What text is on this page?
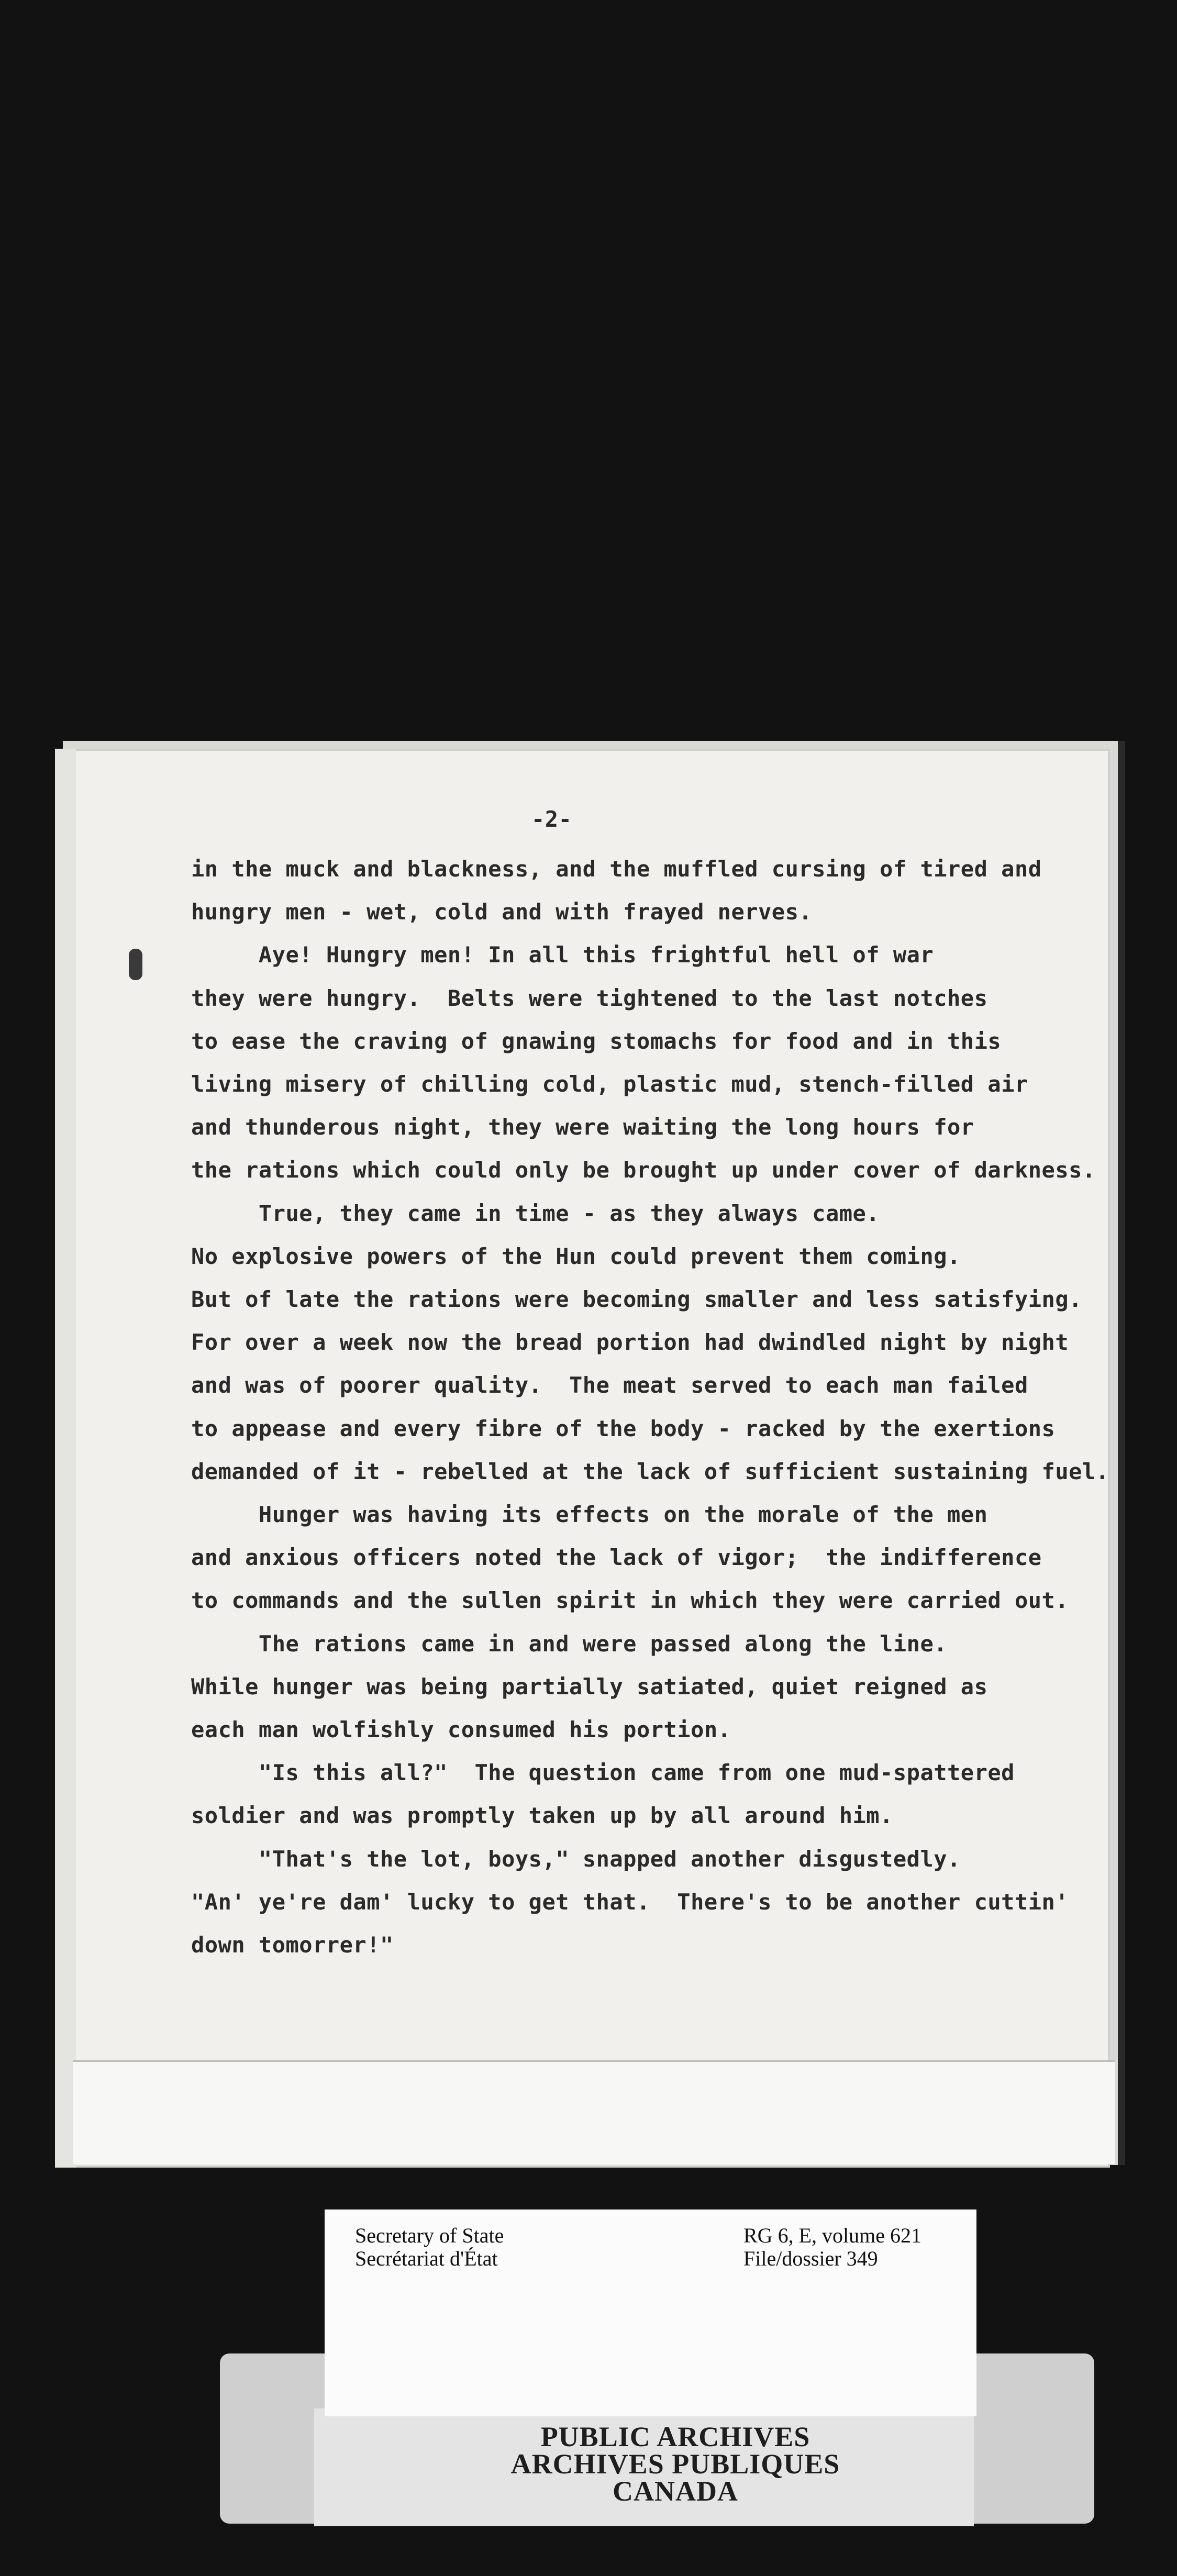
-2-
in the muck and blackness, and the muffled cursing of tired and
hungry men - wet, cold and with frayed nerves.
Aye! Hungry men! In all this frightful hell of war
they were hungry.  Belts were tightened to the last notches
to ease the craving of gnawing stomachs for food and in this
living misery of chilling cold, plastic mud, stench-filled air
and thunderous night, they were waiting the long hours for
the rations which could only be brought up under cover of darkness.
True, they came in time - as they always came.
No explosive powers of the Hun could prevent them coming.
But of late the rations were becoming smaller and less satisfying.
For over a week now the bread portion had dwindled night by night
and was of poorer quality.  The meat served to each man failed
to appease and every fibre of the body - racked by the exertions
demanded of it - rebelled at the lack of sufficient sustaining fuel.
Hunger was having its effects on the morale of the men
and anxious officers noted the lack of vigor;  the indifference
to commands and the sullen spirit in which they were carried out.
The rations came in and were passed along the line.
While hunger was being partially satiated, quiet reigned as
each man wolfishly consumed his portion.
"Is this all?"  The question came from one mud-spattered
soldier and was promptly taken up by all around him.
"That's the lot, boys," snapped another disgustedly.
"An' ye're dam' lucky to get that.  There's to be another cuttin'
down tomorrer!"
Secretary of State
Secrétariat d'État
RG 6, E, volume 621
File/dossier 349
PUBLIC ARCHIVES
ARCHIVES PUBLIQUES
CANADA
